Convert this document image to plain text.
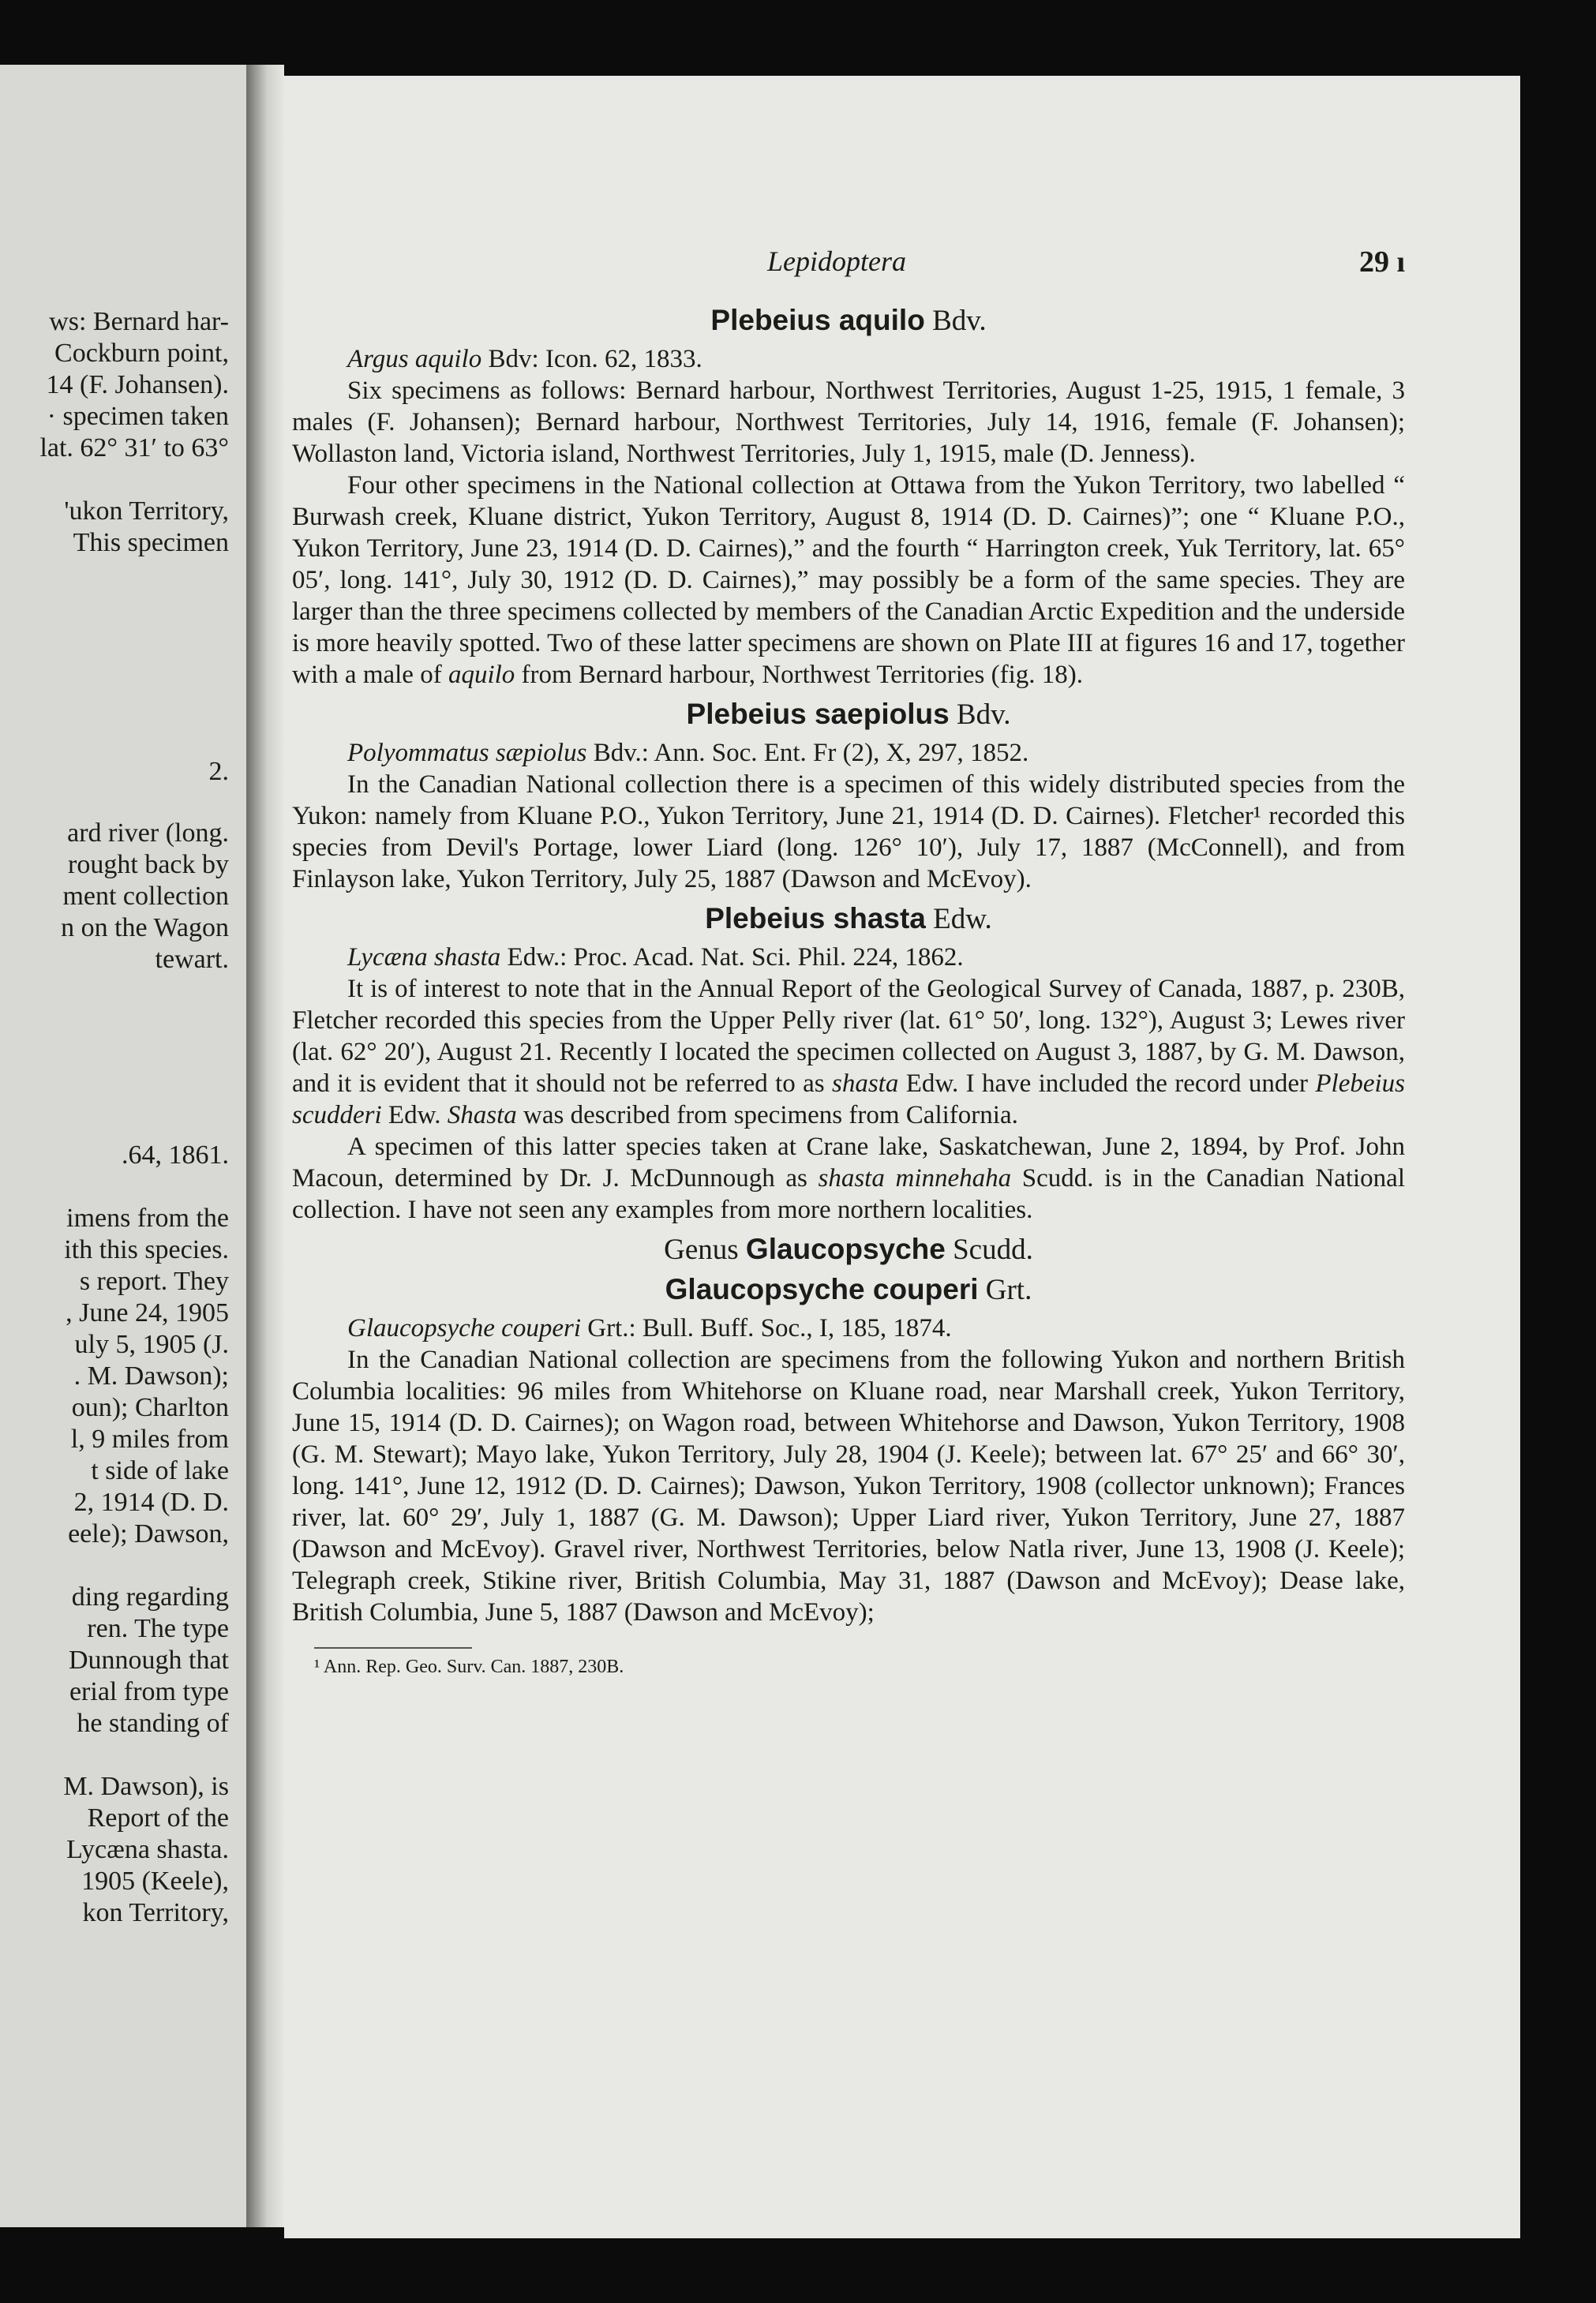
ws: Bernard har-
Cockburn point,
14 (F. Johansen).
· specimen taken
lat. 62° 31′ to 63°
'ukon Territory,
This specimen
2.
ard river (long.
rought back by
ment collection
n on the Wagon
tewart.
.64, 1861.
imens from the
ith this species.
s report. They
, June 24, 1905
uly 5, 1905 (J.
. M. Dawson);
oun); Charlton
l, 9 miles from
t side of lake
2, 1914 (D. D.
eele); Dawson,
ding regarding
ren. The type
Dunnough that
erial from type
he standing of
M. Dawson), is
Report of the
Lycæna shasta.
1905 (Keele),
kon Territory,
Lepidoptera	29 ı
Plebeius aquilo Bdv.

Argus aquilo Bdv: Icon. 62, 1833.

Six specimens as follows: Bernard harbour, Northwest Territories, August 1-25, 1915, 1 female, 3 males (F. Johansen); Bernard harbour, Northwest Territories, July 14, 1916, female (F. Johansen); Wollaston land, Victoria island, Northwest Territories, July 1, 1915, male (D. Jenness).

Four other specimens in the National collection at Ottawa from the Yukon Territory, two labelled “ Burwash creek, Kluane district, Yukon Territory, August 8, 1914 (D. D. Cairnes)”; one “ Kluane P.O., Yukon Territory, June 23, 1914 (D. D. Cairnes),” and the fourth “ Harrington creek, Yuk Territory, lat. 65° 05′, long. 141°, July 30, 1912 (D. D. Cairnes),” may possibly be a form of the same species. They are larger than the three specimens collected by members of the Canadian Arctic Expedition and the underside is more heavily spotted. Two of these latter specimens are shown on Plate III at figures 16 and 17, together with a male of aquilo from Bernard harbour, Northwest Territories (fig. 18).

Plebeius saepiolus Bdv.

Polyommatus sæpiolus Bdv.: Ann. Soc. Ent. Fr (2), X, 297, 1852.

In the Canadian National collection there is a specimen of this widely distributed species from the Yukon: namely from Kluane P.O., Yukon Territory, June 21, 1914 (D. D. Cairnes). Fletcher¹ recorded this species from Devil's Portage, lower Liard (long. 126° 10′), July 17, 1887 (McConnell), and from Finlayson lake, Yukon Territory, July 25, 1887 (Dawson and McEvoy).

Plebeius shasta Edw.

Lycæna shasta Edw.: Proc. Acad. Nat. Sci. Phil. 224, 1862.

It is of interest to note that in the Annual Report of the Geological Survey of Canada, 1887, p. 230B, Fletcher recorded this species from the Upper Pelly river (lat. 61° 50′, long. 132°), August 3; Lewes river (lat. 62° 20′), August 21. Recently I located the specimen collected on August 3, 1887, by G. M. Dawson, and it is evident that it should not be referred to as shasta Edw. I have included the record under Plebeius scudderi Edw. Shasta was described from specimens from California.

A specimen of this latter species taken at Crane lake, Saskatchewan, June 2, 1894, by Prof. John Macoun, determined by Dr. J. McDunnough as shasta minnehaha Scudd. is in the Canadian National collection. I have not seen any examples from more northern localities.

Genus Glaucopsyche Scudd.
Glaucopsyche couperi Grt.

Glaucopsyche couperi Grt.: Bull. Buff. Soc., I, 185, 1874.

In the Canadian National collection are specimens from the following Yukon and northern British Columbia localities: 96 miles from Whitehorse on Kluane road, near Marshall creek, Yukon Territory, June 15, 1914 (D. D. Cairnes); on Wagon road, between Whitehorse and Dawson, Yukon Territory, 1908 (G. M. Stewart); Mayo lake, Yukon Territory, July 28, 1904 (J. Keele); between lat. 67° 25′ and 66° 30′, long. 141°, June 12, 1912 (D. D. Cairnes); Dawson, Yukon Territory, 1908 (collector unknown); Frances river, lat. 60° 29′, July 1, 1887 (G. M. Dawson); Upper Liard river, Yukon Territory, June 27, 1887 (Dawson and McEvoy). Gravel river, Northwest Territories, below Natla river, June 13, 1908 (J. Keele); Telegraph creek, Stikine river, British Columbia, May 31, 1887 (Dawson and McEvoy); Dease lake, British Columbia, June 5, 1887 (Dawson and McEvoy);

¹ Ann. Rep. Geo. Surv. Can. 1887, 230B.
